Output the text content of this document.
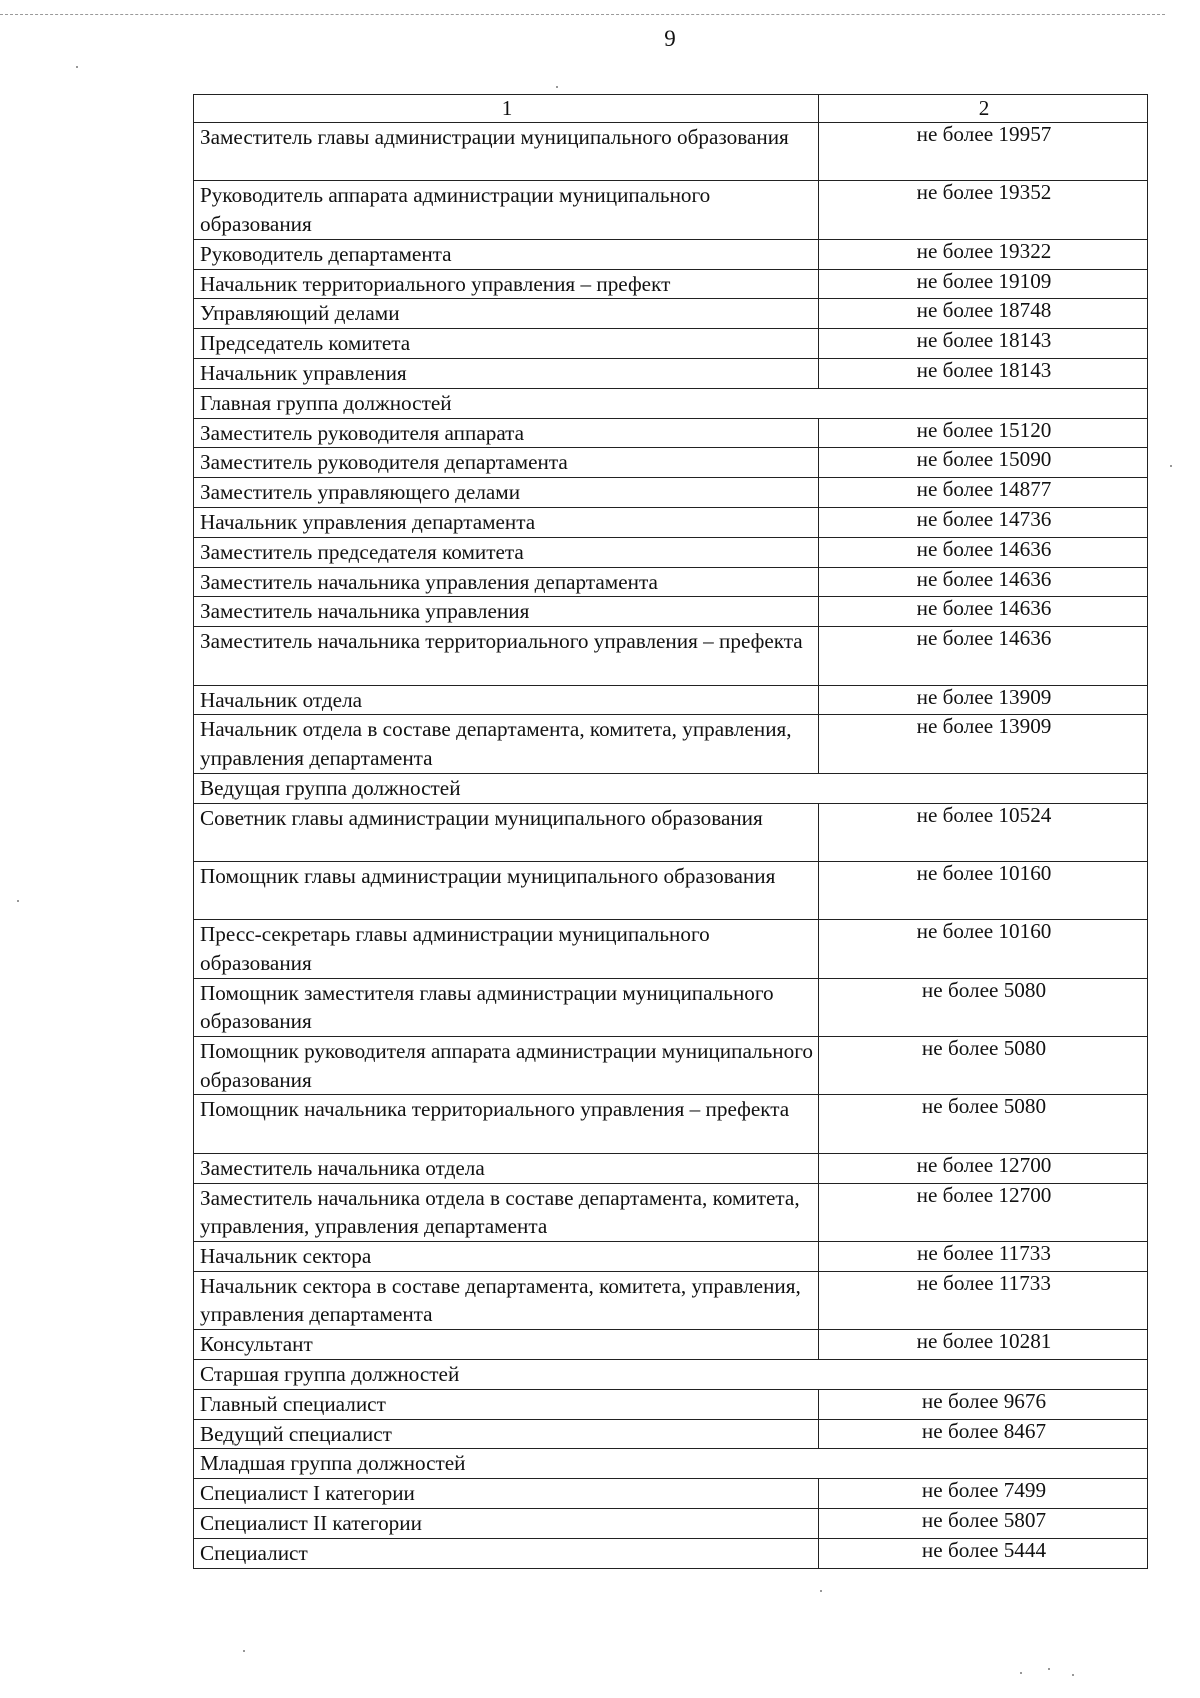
9
1	2
Заместитель главы администрации муниципального образования	не более 19957
Руководитель аппарата администрации муниципального образования	не более 19352
Руководитель департамента	не более 19322
Начальник территориального управления – префект	не более 19109
Управляющий делами	не более 18748
Председатель комитета	не более 18143
Начальник управления	не более 18143
Главная группа должностей	
Заместитель руководителя аппарата	не более 15120
Заместитель руководителя департамента	не более 15090
Заместитель управляющего делами	не более 14877
Начальник управления департамента	не более 14736
Заместитель председателя комитета	не более 14636
Заместитель начальника управления департамента	не более 14636
Заместитель начальника управления	не более 14636
Заместитель начальника территориального управления – префекта	не более 14636
Начальник отдела	не более 13909
Начальник отдела в составе департамента, комитета, управления, управления департамента	не более 13909
Ведущая группа должностей	
Советник главы администрации муниципального образования	не более 10524
Помощник главы администрации муниципального образования	не более 10160
Пресс-секретарь главы администрации муниципального образования	не более 10160
Помощник заместителя главы администрации муниципального образования	не более 5080
Помощник руководителя аппарата администрации муниципального образования	не более 5080
Помощник начальника территориального управления – префекта	не более 5080
Заместитель начальника отдела	не более 12700
Заместитель начальника отдела в составе департамента, комитета, управления, управления департамента	не более 12700
Начальник сектора	не более 11733
Начальник сектора в составе департамента, комитета, управления, управления департамента	не более 11733
Консультант	не более 10281
Старшая группа должностей	
Главный специалист	не более 9676
Ведущий специалист	не более 8467
Младшая группа должностей	
Специалист I категории	не более 7499
Специалист II категории	не более 5807
Специалист	не более 5444
